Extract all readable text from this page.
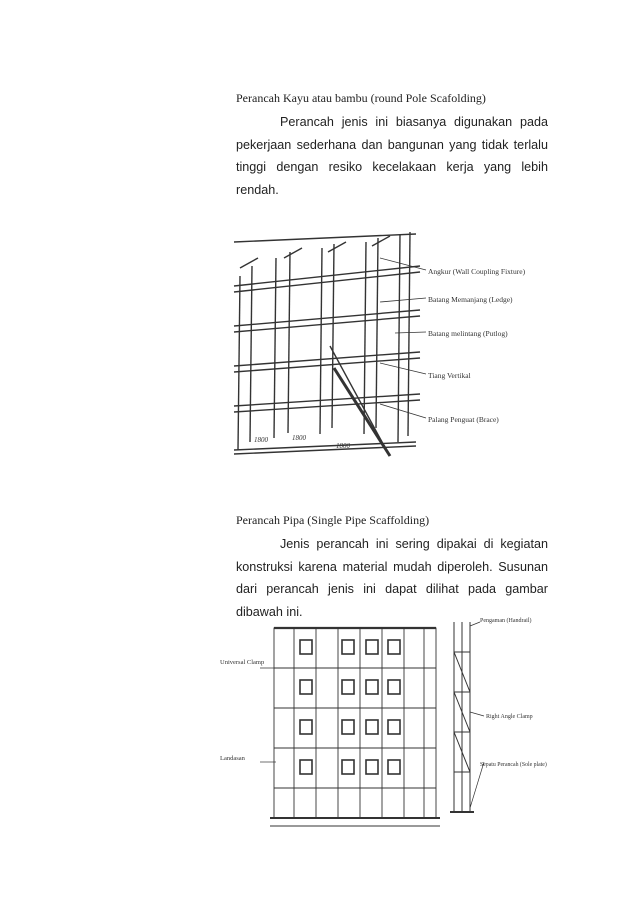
Perancah Kayu atau bambu (round Pole Scafolding)
Perancah jenis ini biasanya digunakan pada pekerjaan sederhana dan bangunan yang tidak terlalu tinggi dengan resiko kecelakaan kerja yang lebih rendah.
Angkur (Wall Coupling Fixture)
Batang Memanjang (Ledge)
Batang melintang (Putlog)
Tiang Vertikal
Palang Penguat (Brace)
1800	1800
1800
Perancah Pipa (Single Pipe Scaffolding)
Jenis perancah ini sering dipakai di kegiatan konstruksi karena material mudah diperoleh. Susunan dari perancah jenis ini dapat dilihat pada gambar dibawah ini.
Universal Clamp
Landasan
Pengaman (Handrail)
Right Angle Clamp
Sepatu Perancah (Sole plate)
